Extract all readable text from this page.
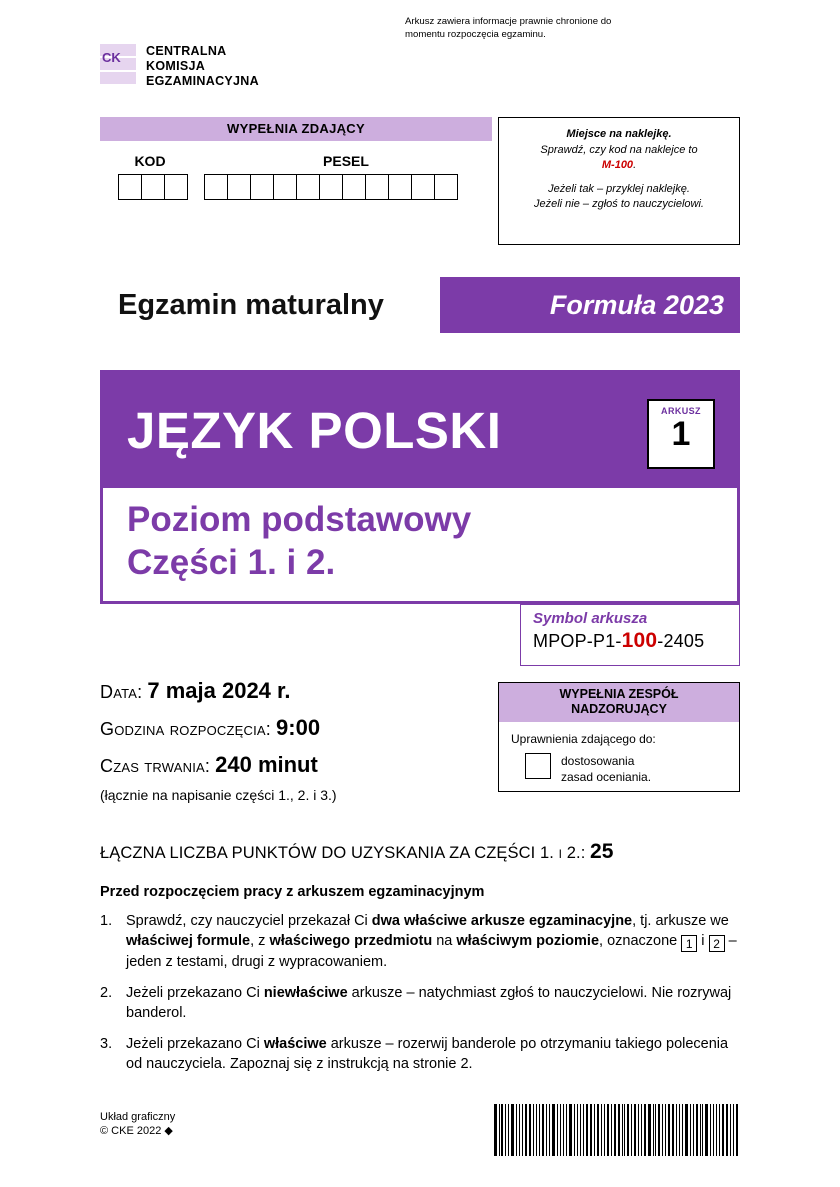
CK CENTRALNA
KOMISJA
EGZAMINACYJNA
Arkusz zawiera informacje prawnie chronione do momentu rozpoczęcia egzaminu.
WYPEŁNIA ZDAJĄCY
KOD	PESEL
Miejsce na naklejkę.
Sprawdź, czy kod na naklejce to
M-100.
Jeżeli tak – przyklej naklejkę.
Jeżeli nie – zgłoś to nauczycielowi.
Egzamin maturalny	Formuła 2023
JĘZYK POLSKI	ARKUSZ
1
Poziom podstawowy
Części 1. i 2.
Symbol arkusza
MPOP-P1-100-2405
Data: 7 maja 2024 r.
Godzina rozpoczęcia: 9:00
Czas trwania: 240 minut
(łącznie na napisanie części 1., 2. i 3.)
WYPEŁNIA ZESPÓŁ
NADZORUJĄCY
Uprawnienia zdającego do:
dostosowania
zasad oceniania.
ŁĄCZNA LICZBA PUNKTÓW DO UZYSKANIA ZA CZĘŚCI 1. i 2.: 25
Przed rozpoczęciem pracy z arkuszem egzaminacyjnym
1. Sprawdź, czy nauczyciel przekazał Ci dwa właściwe arkusze egzaminacyjne, tj. arkusze we właściwej formule, z właściwego przedmiotu na właściwym poziomie, oznaczone 1 i 2 – jeden z testami, drugi z wypracowaniem.
2. Jeżeli przekazano Ci niewłaściwe arkusze – natychmiast zgłoś to nauczycielowi. Nie rozrywaj banderol.
3. Jeżeli przekazano Ci właściwe arkusze – rozerwij banderole po otrzymaniu takiego polecenia od nauczyciela. Zapoznaj się z instrukcją na stronie 2.
Układ graficzny
© CKE 2022 ◆
